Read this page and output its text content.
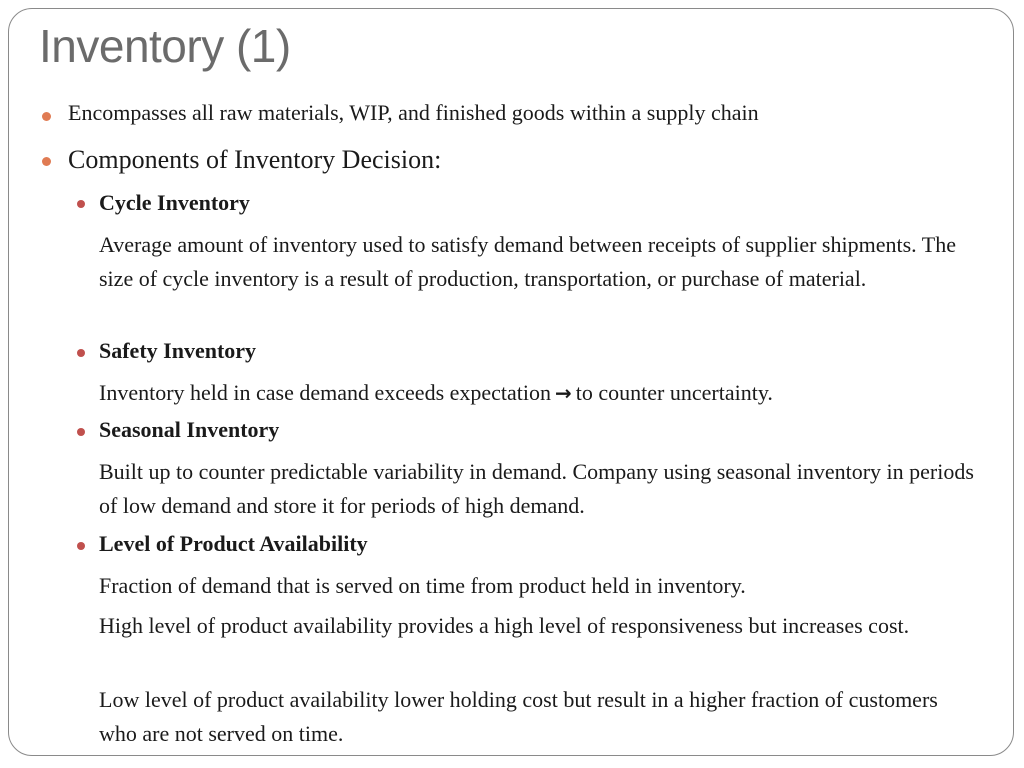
Inventory (1)

Encompasses all raw materials, WIP, and finished goods within a supply chain

Components of Inventory Decision:

Cycle Inventory

Average amount of inventory used to satisfy demand between receipts of supplier shipments. The size of cycle inventory is a result of production, transportation, or purchase of material.

Safety Inventory

Inventory held in case demand exceeds expectation → to counter uncertainty.

Seasonal Inventory

Built up to counter predictable variability in demand. Company using seasonal inventory in periods of low demand and store it for periods of high demand.

Level of Product Availability

Fraction of demand that is served on time from product held in inventory.

High level of product availability provides a high level of responsiveness but increases cost.

Low level of product availability lower holding cost but result in a higher fraction of customers who are not served on time.
